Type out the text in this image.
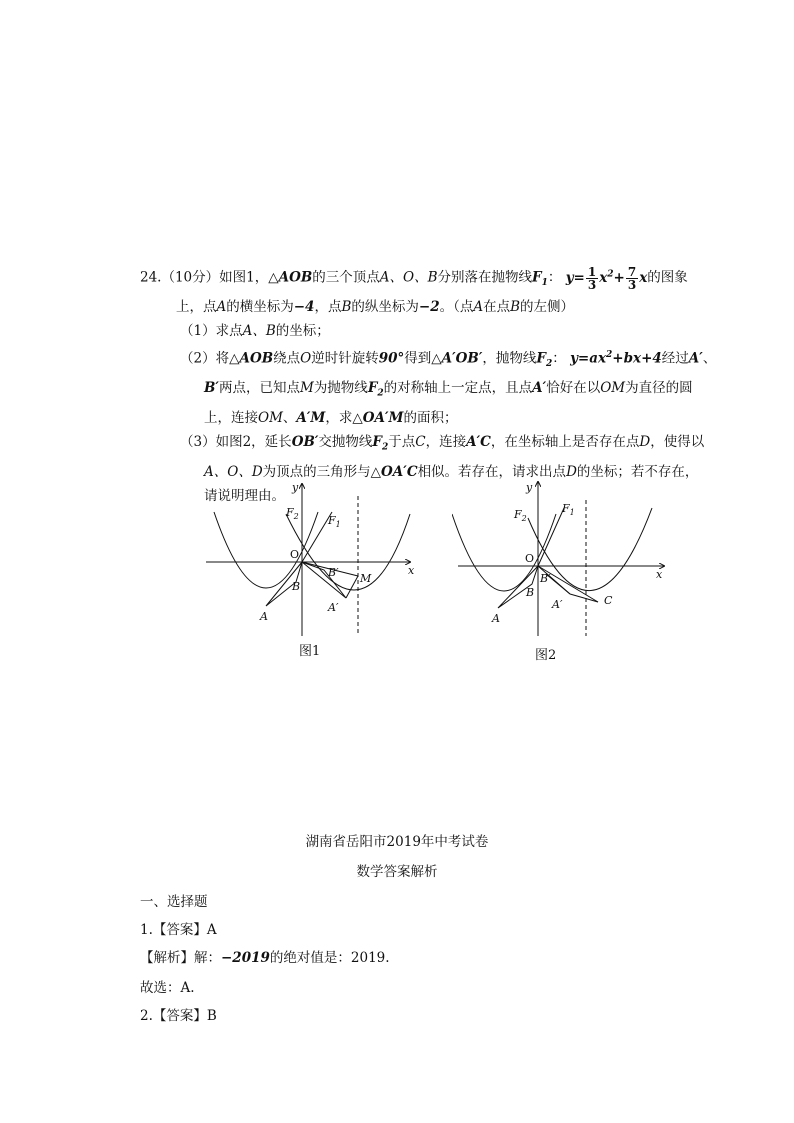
24.（10分）如图1，△AOB的三个顶点A、O、B分别落在抛物线$F_1$： $y= \frac{1}{3} x^2+ \frac{7}{3}$ x的图象

上，点A的横坐标为−4，点B的纵坐标为−2。（点A在点B的左侧）

（1）求点A、B的坐标；

（2）将△AOB绕点O逆时针旋转90°得到△A′OB′，抛物线$F_2$： $y=ax^2+bx+4$经过A′、

B′两点，已知点M为抛物线$F_2$的对称轴上一定点，且点A′恰好在以OM为直径的圆

上，连接OM、A′M，求△OA′M的面积；

（3）如图2，延长OB′交抛物线$F_2$于点C，连接A′C，在坐标轴上是否存在点D，使得以

A、O、D为顶点的三角形与△OA′C相似。若存在，请求出点D的坐标；若不存在，

请说明理由。

y
x
O
A
B
A′
B′ M
$F_2$	$F_1$
图1
y
x
O
A
B
A′
B′
C
$F_2$
$F_1$
图2
湖南省岳阳市2019年中考试卷
数学答案解析
一、选择题
1.【答案】A
【解析】解：−2019的绝对值是：2019.
故选：A.
2.【答案】B
